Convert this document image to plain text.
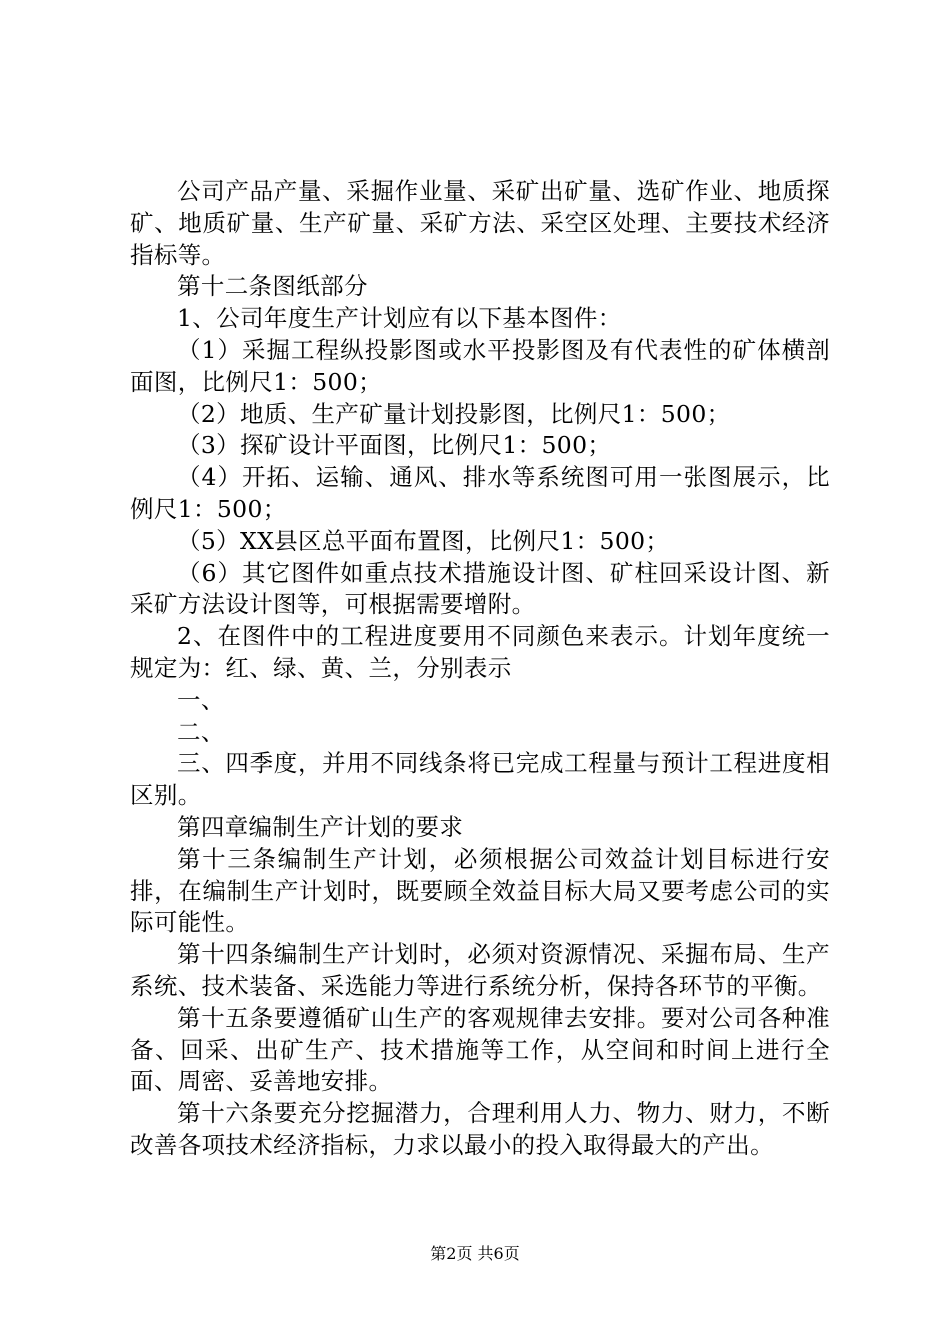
公司产品产量、采掘作业量、采矿出矿量、选矿作业、地质探矿、地质矿量、生产矿量、采矿方法、采空区处理、主要技术经济指标等。

第十二条图纸部分

1、公司年度生产计划应有以下基本图件：

（1）采掘工程纵投影图或水平投影图及有代表性的矿体横剖面图，比例尺1：500；

（2）地质、生产矿量计划投影图，比例尺1：500；

（3）探矿设计平面图，比例尺1：500；

（4）开拓、运输、通风、排水等系统图可用一张图展示，比例尺1：500；

（5）XX县区总平面布置图，比例尺1：500；

（6）其它图件如重点技术措施设计图、矿柱回采设计图、新采矿方法设计图等，可根据需要增附。

2、在图件中的工程进度要用不同颜色来表示。计划年度统一规定为：红、绿、黄、兰，分别表示

一、

二、

三、四季度，并用不同线条将已完成工程量与预计工程进度相区别。

第四章编制生产计划的要求

第十三条编制生产计划，必须根据公司效益计划目标进行安排，在编制生产计划时，既要顾全效益目标大局又要考虑公司的实际可能性。

第十四条编制生产计划时，必须对资源情况、采掘布局、生产系统、技术装备、采选能力等进行系统分析，保持各环节的平衡。

第十五条要遵循矿山生产的客观规律去安排。要对公司各种准备、回采、出矿生产、技术措施等工作，从空间和时间上进行全面、周密、妥善地安排。

第十六条要充分挖掘潜力，合理利用人力、物力、财力，不断改善各项技术经济指标，力求以最小的投入取得最大的产出。

第2页 共6页
